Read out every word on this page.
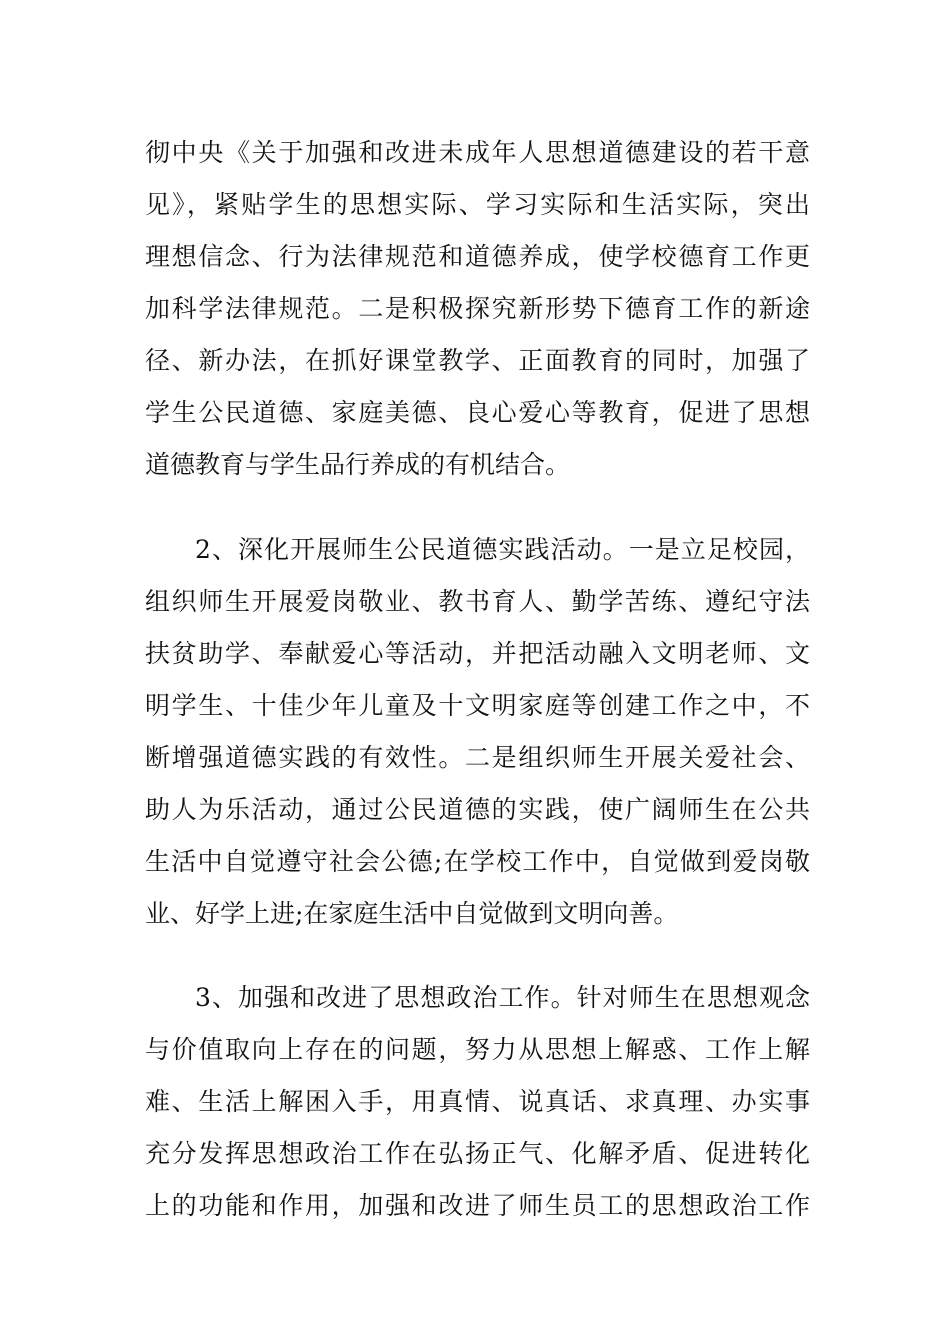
彻中央《关于加强和改进未成年人思想道德建设的若干意
见》，紧贴学生的思想实际、学习实际和生活实际，突出
理想信念、行为法律规范和道德养成，使学校德育工作更
加科学法律规范。二是积极探究新形势下德育工作的新途
径、新办法，在抓好课堂教学、正面教育的同时，加强了
学生公民道德、家庭美德、良心爱心等教育，促进了思想
道德教育与学生品行养成的有机结合。
2、深化开展师生公民道德实践活动。一是立足校园，
组织师生开展爱岗敬业、教书育人、勤学苦练、遵纪守法
扶贫助学、奉献爱心等活动，并把活动融入文明老师、文
明学生、十佳少年儿童及十文明家庭等创建工作之中，不
断增强道德实践的有效性。二是组织师生开展关爱社会、
助人为乐活动，通过公民道德的实践，使广阔师生在公共
生活中自觉遵守社会公德;在学校工作中，自觉做到爱岗敬
业、好学上进;在家庭生活中自觉做到文明向善。
3、加强和改进了思想政治工作。针对师生在思想观念
与价值取向上存在的问题，努力从思想上解惑、工作上解
难、生活上解困入手，用真情、说真话、求真理、办实事
充分发挥思想政治工作在弘扬正气、化解矛盾、促进转化
上的功能和作用，加强和改进了师生员工的思想政治工作
